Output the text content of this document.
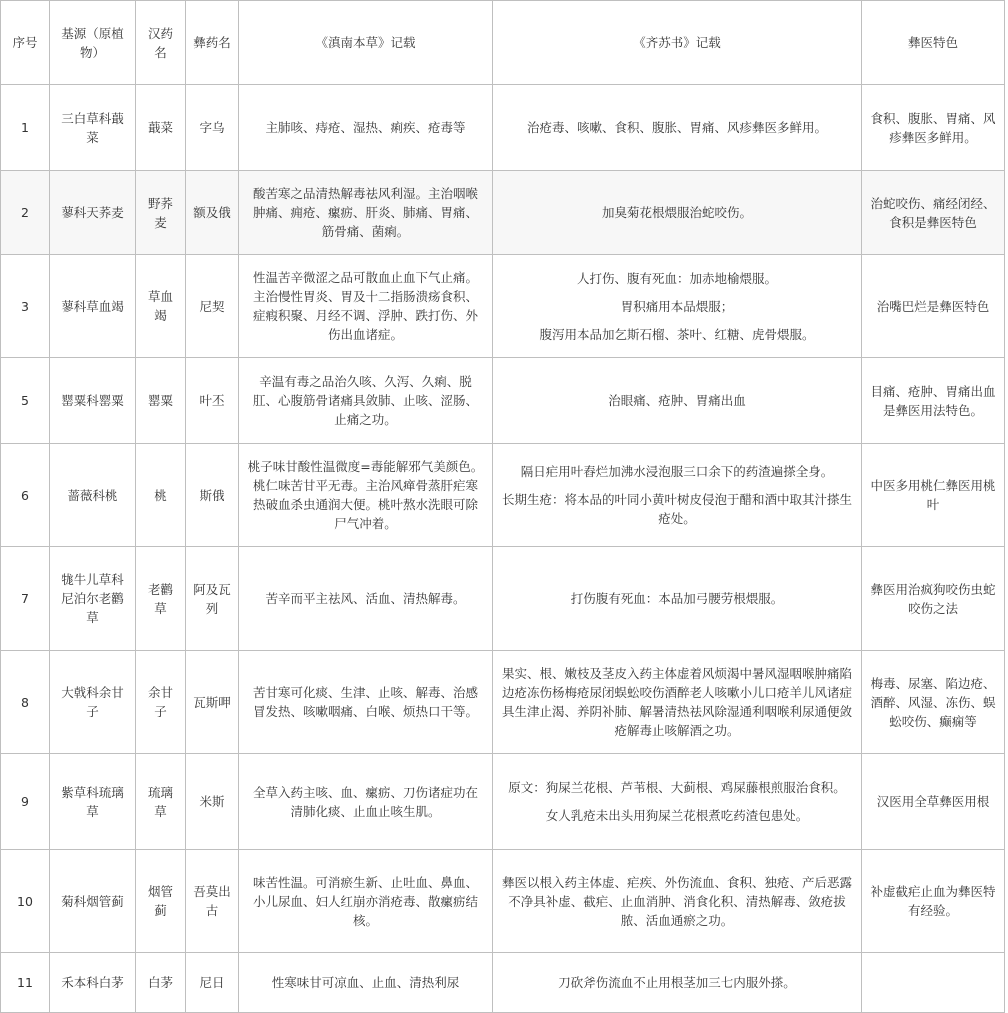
序号	基源（原植物）	汉药名	彝药名	《滇南本草》记载	《齐苏书》记载	彝医特色
1	三白草科蕺菜	蕺菜	字乌	主肺咳、痔疮、湿热、痢疾、疮毒等	治疮毒、咳嗽、食积、腹胀、胃痛、风疹彝医多鲜用。	食积、腹胀、胃痛、风疹彝医多鲜用。
2	蓼科天荞麦	野荞麦	额及俄	酸苦寒之品清热解毒祛风利湿。主治咽喉肿痛、痈疮、瘰疬、肝炎、肺痛、胃痛、筋骨痛、菌痢。	加臭菊花根煨服治蛇咬伤。	治蛇咬伤、痛经闭经、食积是彝医特色
3	蓼科草血竭	草血竭	尼契	性温苦辛微涩之品可散血止血下气止痛。主治慢性胃炎、胃及十二指肠溃疡食积、症瘕积聚、月经不调、浮肿、跌打伤、外伤出血诸症。	人打伤、腹有死血：加赤地榆煨服。
胃积痛用本品煨服；
腹泻用本品加乞斯石榴、茶叶、红糖、虎骨煨服。	治嘴巴烂是彝医特色
5	罂粟科罂粟	罂粟	叶丕	辛温有毒之品治久咳、久泻、久痢、脱肛、心腹筋骨诸痛具敛肺、止咳、涩肠、止痛之功。	治眼痛、疮肿、胃痛出血	目痛、疮肿、胃痛出血是彝医用法特色。
6	蔷薇科桃	桃	斯俄	桃子味甘酸性温微度=毒能解邪气美颜色。桃仁味苦甘平无毒。主治风瘅骨蒸肝疟寒热破血杀虫通润大便。桃叶熬水洗眼可除尸气冲着。	隔日疟用叶舂烂加沸水浸泡服三口余下的药渣遍搽全身。
长期生疮：将本品的叶同小黄叶树皮侵泡于醋和酒中取其汁搽生疮处。	中医多用桃仁彝医用桃叶
7	牻牛儿草科尼泊尔老鹳草	老鹳草	阿及瓦列	苦辛而平主祛风、活血、清热解毒。	打伤腹有死血：本品加弓腰劳根煨服。	彝医用治疯狗咬伤虫蛇咬伤之法
8	大戟科余甘子	余甘子	瓦斯呷	苦甘寒可化痰、生津、止咳、解毒、治感冒发热、咳嗽咽痛、白喉、烦热口干等。	果实、根、嫩枝及茎皮入药主体虚着风烦渴中暑风湿咽喉肿痛陷边疮冻伤杨梅疮尿闭蜈蚣咬伤酒醉老人咳嗽小儿口疮羊儿风诸症具生津止渴、养阴补肺、解暑清热祛风除湿通利咽喉利尿通便敛疮解毒止咳解酒之功。	梅毒、尿塞、陷边疮、酒醉、风湿、冻伤、蜈蚣咬伤、癫痫等
9	紫草科琉璃草	琉璃草	米斯	全草入药主咳、血、瘰疬、刀伤诸症功在清肺化痰、止血止咳生肌。	原文：狗屎兰花根、芦苇根、大蓟根、鸡屎藤根煎服治食积。
女人乳疮未出头用狗屎兰花根煮吃药渣包患处。	汉医用全草彝医用根
10	菊科烟管蓟	烟管蓟	吾莫出古	味苦性温。可消瘀生新、止吐血、鼻血、小儿尿血、妇人红崩亦消疮毒、散瘰疬结核。	彝医以根入药主体虚、疟疾、外伤流血、食积、独疮、产后恶露不净具补虚、截疟、止血消肿、消食化积、清热解毒、敛疮拔脓、活血通瘀之功。	补虚截疟止血为彝医特有经验。
11	禾本科白茅	白茅	尼日	性寒味甘可凉血、止血、清热利尿	刀砍斧伤流血不止用根茎加三七内服外搽。	
